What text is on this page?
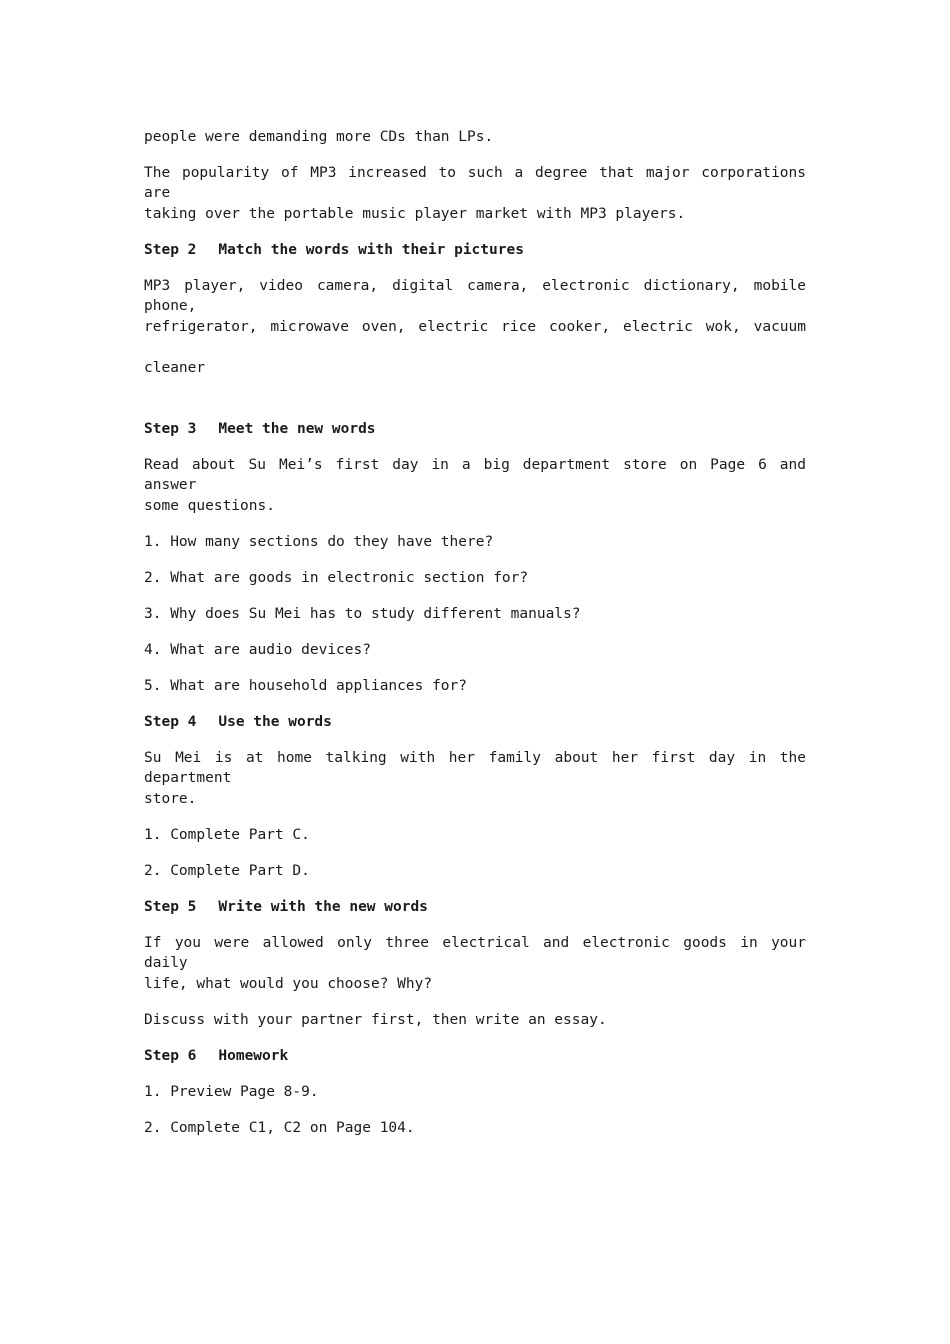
people were demanding more CDs than LPs.

The popularity of MP3 increased to such a degree that major corporations are

taking over the portable music player market with MP3 players.

Step 2 Match the words with their pictures

MP3 player, video camera, digital camera, electronic dictionary, mobile phone,

refrigerator, microwave oven, electric rice cooker, electric wok, vacuum

cleaner

Step 3 Meet the new words

Read about Su Mei’s first day in a big department store on Page 6 and answer

some questions.

1. How many sections do they have there?

2. What are goods in electronic section for?

3. Why does Su Mei has to study different manuals?

4. What are audio devices?

5. What are household appliances for?

Step 4 Use the words

Su Mei is at home talking with her family about her first day in the department

store.

1. Complete Part C.

2. Complete Part D.

Step 5 Write with the new words

If you were allowed only three electrical and electronic goods in your daily

life, what would you choose? Why?

Discuss with your partner first, then write an essay.

Step 6 Homework

1. Preview Page 8-9.

2. Complete C1, C2 on Page 104.
